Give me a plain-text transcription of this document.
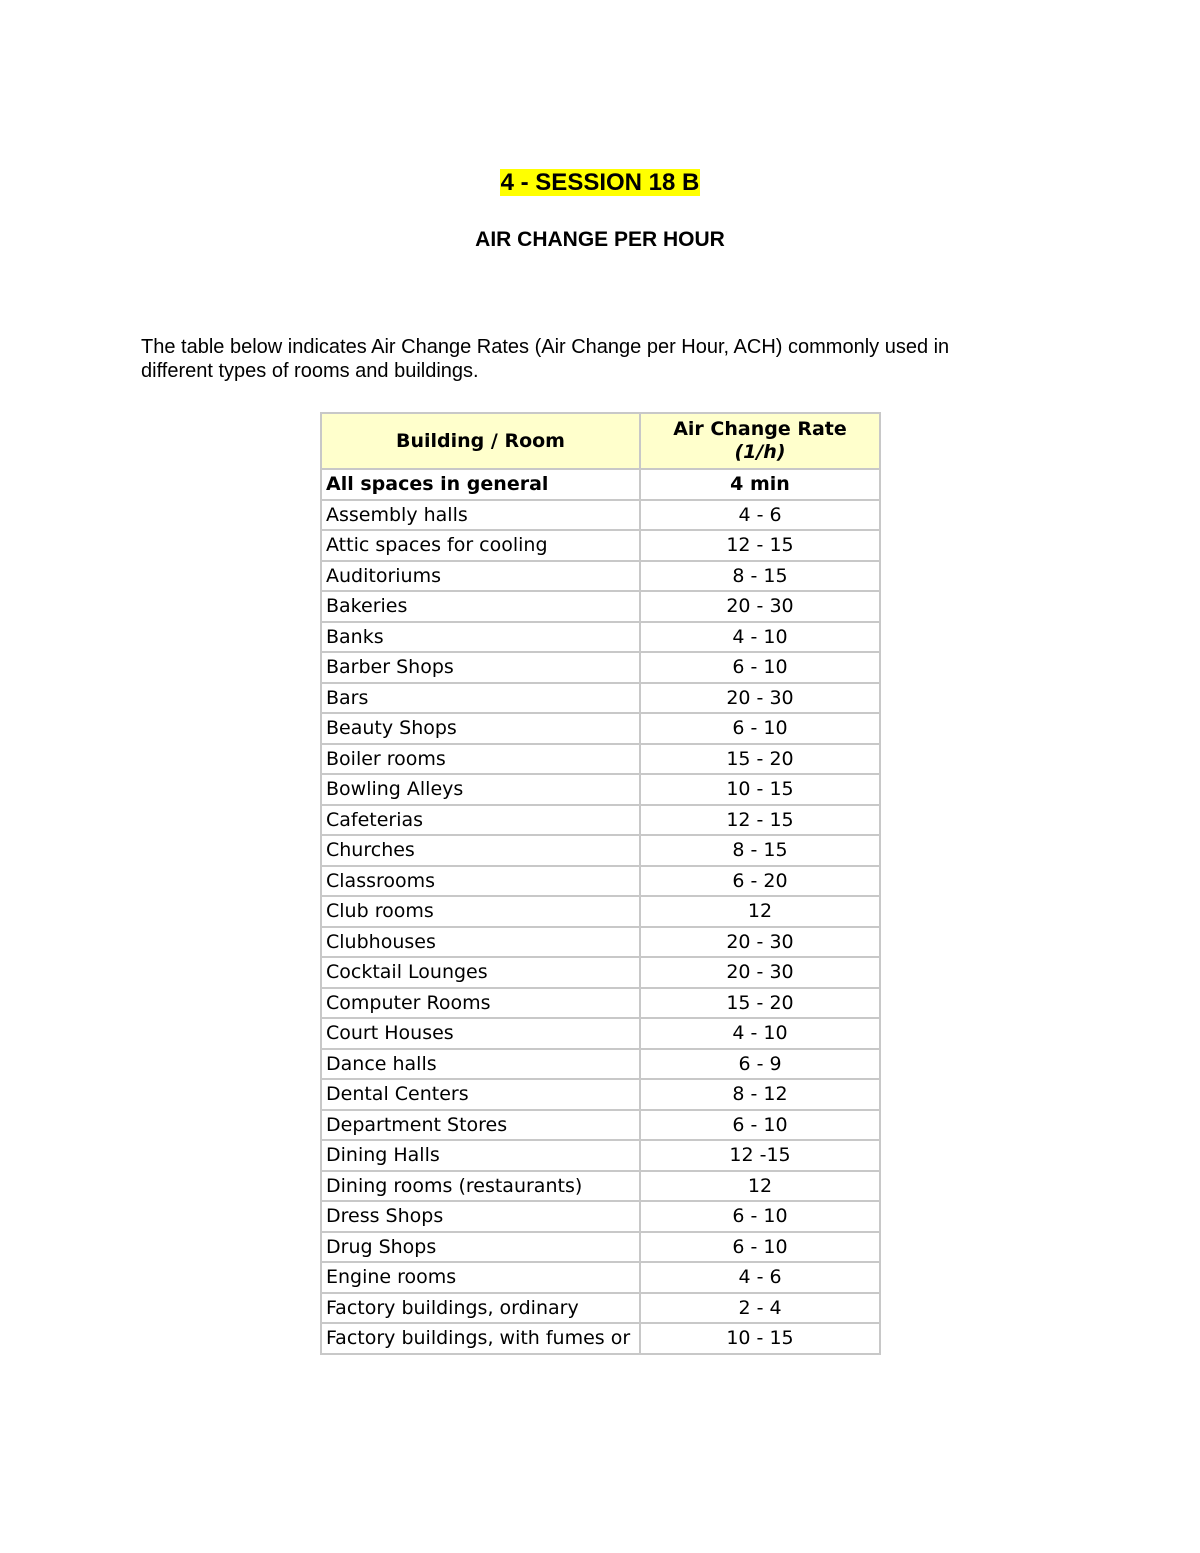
4 - SESSION 18 B
AIR CHANGE PER HOUR
The table below indicates Air Change Rates (Air Change per Hour, ACH) commonly used in
different types of rooms and buildings.
Building / Room	Air Change Rate
(1/h)

All spaces in general	4 min
Assembly halls	4 - 6
Attic spaces for cooling	12 - 15
Auditoriums	8 - 15
Bakeries	20 - 30
Banks	4 - 10
Barber Shops	6 - 10
Bars	20 - 30
Beauty Shops	6 - 10
Boiler rooms	15 - 20
Bowling Alleys	10 - 15
Cafeterias	12 - 15
Churches	8 - 15
Classrooms	6 - 20
Club rooms	12
Clubhouses	20 - 30
Cocktail Lounges	20 - 30
Computer Rooms	15 - 20
Court Houses	4 - 10
Dance halls	6 - 9
Dental Centers	8 - 12
Department Stores	6 - 10
Dining Halls	12 -15
Dining rooms (restaurants)	12
Dress Shops	6 - 10
Drug Shops	6 - 10
Engine rooms	4 - 6
Factory buildings, ordinary	2 - 4
Factory buildings, with fumes or	10 - 15
